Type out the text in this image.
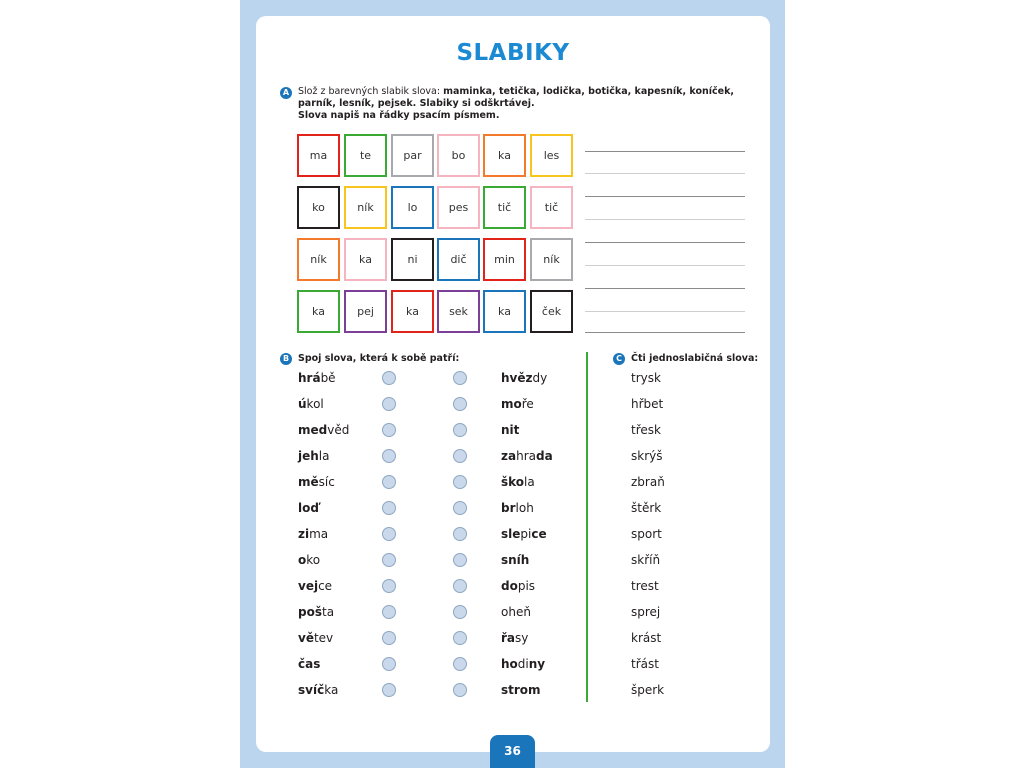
SLABIKY
A Slož z barevných slabik slova: maminka, tetička, lodička, botička, kapesník, koníček,
parník, lesník, pejsek. Slabiky si odškrtávej.
Slova napiš na řádky psacím písmem.
ma	te	par	bo	ka	les
ko	ník	lo	pes	tič	tič
ník	ka	ni	dič	min	ník
ka	pej	ka	sek	ka	ček
B Spoj slova, která k sobě patří:
hrábě
úkol
medvěd
jehla
měsíc
loď
zima
oko
vejce
pošta
větev
čas
svíčka
hvězdy
moře
nit
zahrada
škola
brloh
slepice
sníh
dopis
oheň
řasy
hodiny
strom
C Čti jednoslabičná slova:
trysk
hřbet
třesk
skrýš
zbraň
štěrk
sport
skříň
trest
sprej
krást
třást
šperk
36
